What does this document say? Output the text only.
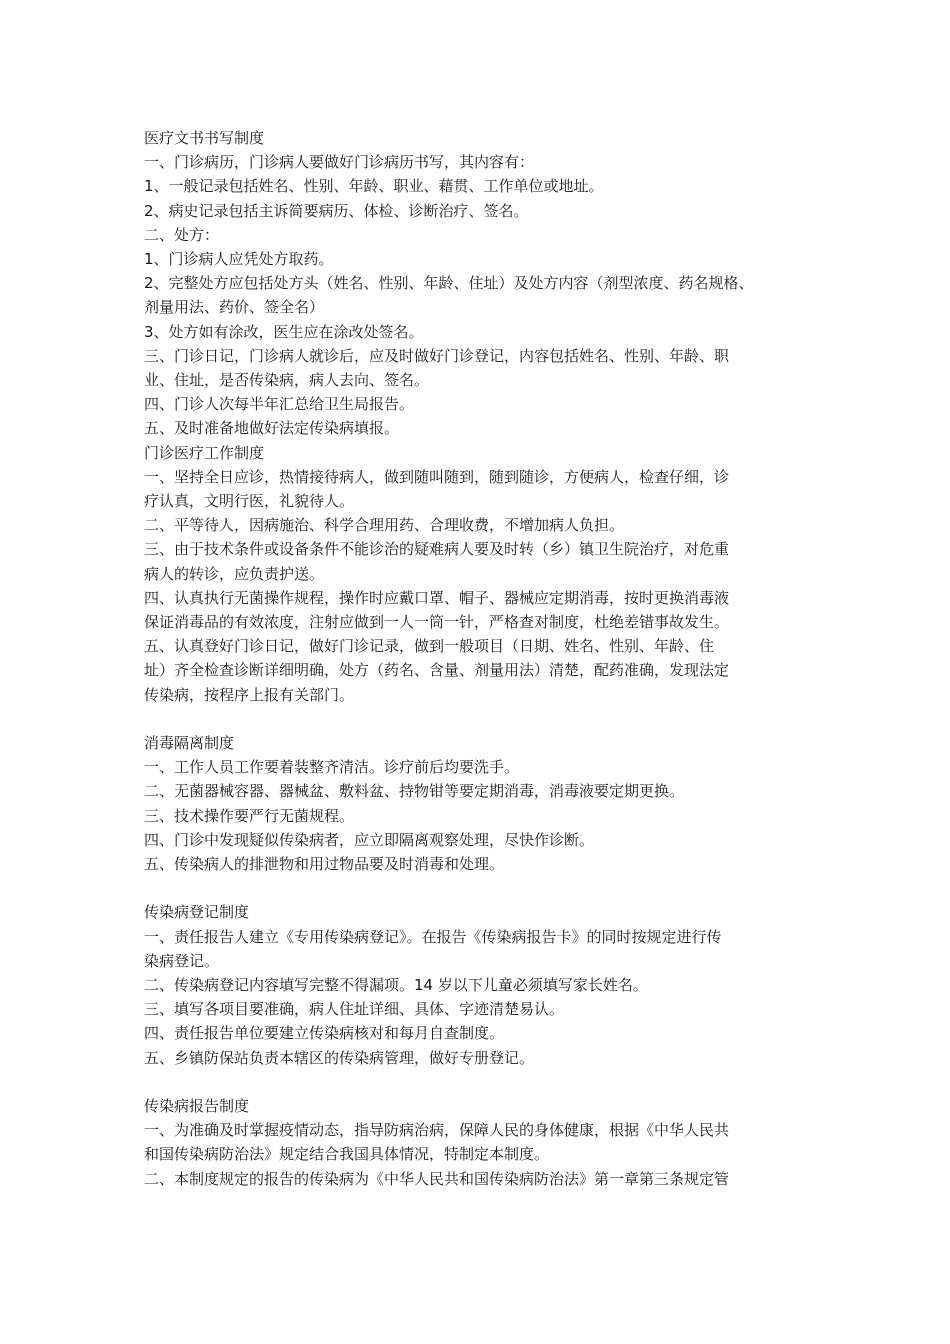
医疗文书书写制度

一、门诊病历，门诊病人要做好门诊病历书写，其内容有：

1、一般记录包括姓名、性别、年龄、职业、藉贯、工作单位或地址。

2、病史记录包括主诉简要病历、体检、诊断治疗、签名。

二、处方：

1、门诊病人应凭处方取药。

2、完整处方应包括处方头（姓名、性别、年龄、住址）及处方内容（剂型浓度、药名规格、

剂量用法、药价、签全名）

3、处方如有涂改，医生应在涂改处签名。

三、门诊日记，门诊病人就诊后，应及时做好门诊登记，内容包括姓名、性别、年龄、职

业、住址，是否传染病，病人去向、签名。

四、门诊人次每半年汇总给卫生局报告。

五、及时准备地做好法定传染病填报。

门诊医疗工作制度

一、坚持全日应诊，热情接待病人，做到随叫随到，随到随诊，方便病人，检查仔细，诊

疗认真，文明行医，礼貌待人。

二、平等待人，因病施治、科学合理用药、合理收费，不增加病人负担。

三、由于技术条件或设备条件不能诊治的疑难病人要及时转（乡）镇卫生院治疗，对危重

病人的转诊，应负责护送。

四、认真执行无菌操作规程，操作时应戴口罩、帽子、器械应定期消毒，按时更换消毒液

保证消毒品的有效浓度，注射应做到一人一筒一针，严格查对制度，杜绝差错事故发生。

五、认真登好门诊日记，做好门诊记录，做到一般项目（日期、姓名、性别、年龄、住

址）齐全检查诊断详细明确，处方（药名、含量、剂量用法）清楚，配药准确，发现法定

传染病，按程序上报有关部门。

消毒隔离制度

一、工作人员工作要着装整齐清洁。诊疗前后均要洗手。

二、无菌器械容器、器械盆、敷料盆、持物钳等要定期消毒，消毒液要定期更换。

三、技术操作要严行无菌规程。

四、门诊中发现疑似传染病者，应立即隔离观察处理，尽快作诊断。

五、传染病人的排泄物和用过物品要及时消毒和处理。

传染病登记制度

一、责任报告人建立《专用传染病登记》。在报告《传染病报告卡》的同时按规定进行传

染病登记。

二、传染病登记内容填写完整不得漏项。14 岁以下儿童必须填写家长姓名。

三、填写各项目要准确，病人住址详细、具体、字迹清楚易认。

四、责任报告单位要建立传染病核对和每月自查制度。

五、乡镇防保站负责本辖区的传染病管理，做好专册登记。

传染病报告制度

一、为准确及时掌握疫情动态，指导防病治病，保障人民的身体健康，根据《中华人民共

和国传染病防治法》规定结合我国具体情况，特制定本制度。

二、本制度规定的报告的传染病为《中华人民共和国传染病防治法》第一章第三条规定管
